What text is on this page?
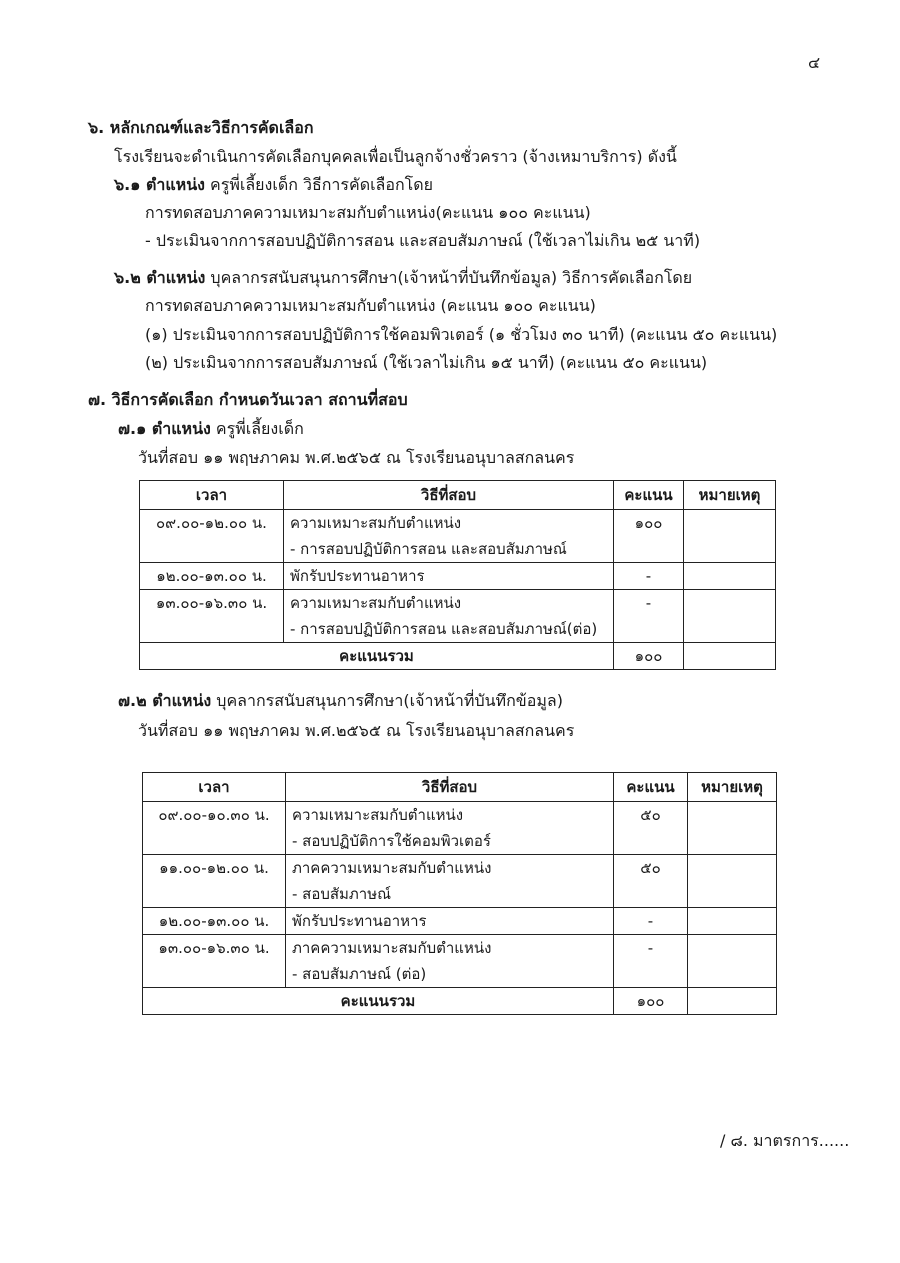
๔
๖. หลักเกณฑ์และวิธีการคัดเลือก
โรงเรียนจะดำเนินการคัดเลือกบุคคลเพื่อเป็นลูกจ้างชั่วคราว (จ้างเหมาบริการ) ดังนี้
๖.๑ ตำแหน่ง ครูพี่เลี้ยงเด็ก วิธีการคัดเลือกโดย
การทดสอบภาคความเหมาะสมกับตำแหน่ง(คะแนน ๑๐๐ คะแนน)
- ประเมินจากการสอบปฏิบัติการสอน และสอบสัมภาษณ์ (ใช้เวลาไม่เกิน ๒๕ นาที)
๖.๒ ตำแหน่ง บุคลากรสนับสนุนการศึกษา(เจ้าหน้าที่บันทึกข้อมูล) วิธีการคัดเลือกโดย
การทดสอบภาคความเหมาะสมกับตำแหน่ง (คะแนน ๑๐๐ คะแนน)
(๑) ประเมินจากการสอบปฏิบัติการใช้คอมพิวเตอร์ (๑ ชั่วโมง ๓๐ นาที) (คะแนน ๕๐ คะแนน)
(๒) ประเมินจากการสอบสัมภาษณ์ (ใช้เวลาไม่เกิน ๑๕ นาที) (คะแนน ๕๐ คะแนน)
๗. วิธีการคัดเลือก กำหนดวันเวลา สถานที่สอบ
๗.๑ ตำแหน่ง ครูพี่เลี้ยงเด็ก
วันที่สอบ ๑๑ พฤษภาคม พ.ศ.๒๕๖๕ ณ โรงเรียนอนุบาลสกลนคร
เวลา	วิธีที่สอบ	คะแนน	หมายเหตุ
๐๙.๐๐-๑๒.๐๐ น.	ความเหมาะสมกับตำแหน่ง
- การสอบปฏิบัติการสอน และสอบสัมภาษณ์	๑๐๐	
๑๒.๐๐-๑๓.๐๐ น.	พักรับประทานอาหาร	-	
๑๓.๐๐-๑๖.๓๐ น.	ความเหมาะสมกับตำแหน่ง
- การสอบปฏิบัติการสอน และสอบสัมภาษณ์(ต่อ)	-	
คะแนนรวม		๑๐๐	
๗.๒ ตำแหน่ง บุคลากรสนับสนุนการศึกษา(เจ้าหน้าที่บันทึกข้อมูล)
วันที่สอบ ๑๑ พฤษภาคม พ.ศ.๒๕๖๕ ณ โรงเรียนอนุบาลสกลนคร
เวลา	วิธีที่สอบ	คะแนน	หมายเหตุ
๐๙.๐๐-๑๐.๓๐ น.	ความเหมาะสมกับตำแหน่ง
- สอบปฏิบัติการใช้คอมพิวเตอร์	๕๐	
๑๑.๐๐-๑๒.๐๐ น.	ภาคความเหมาะสมกับตำแหน่ง
- สอบสัมภาษณ์	๕๐	
๑๒.๐๐-๑๓.๐๐ น.	พักรับประทานอาหาร	-	
๑๓.๐๐-๑๖.๓๐ น.	ภาคความเหมาะสมกับตำแหน่ง
- สอบสัมภาษณ์ (ต่อ)	-	
คะแนนรวม		๑๐๐	
/ ๘. มาตรการ......
